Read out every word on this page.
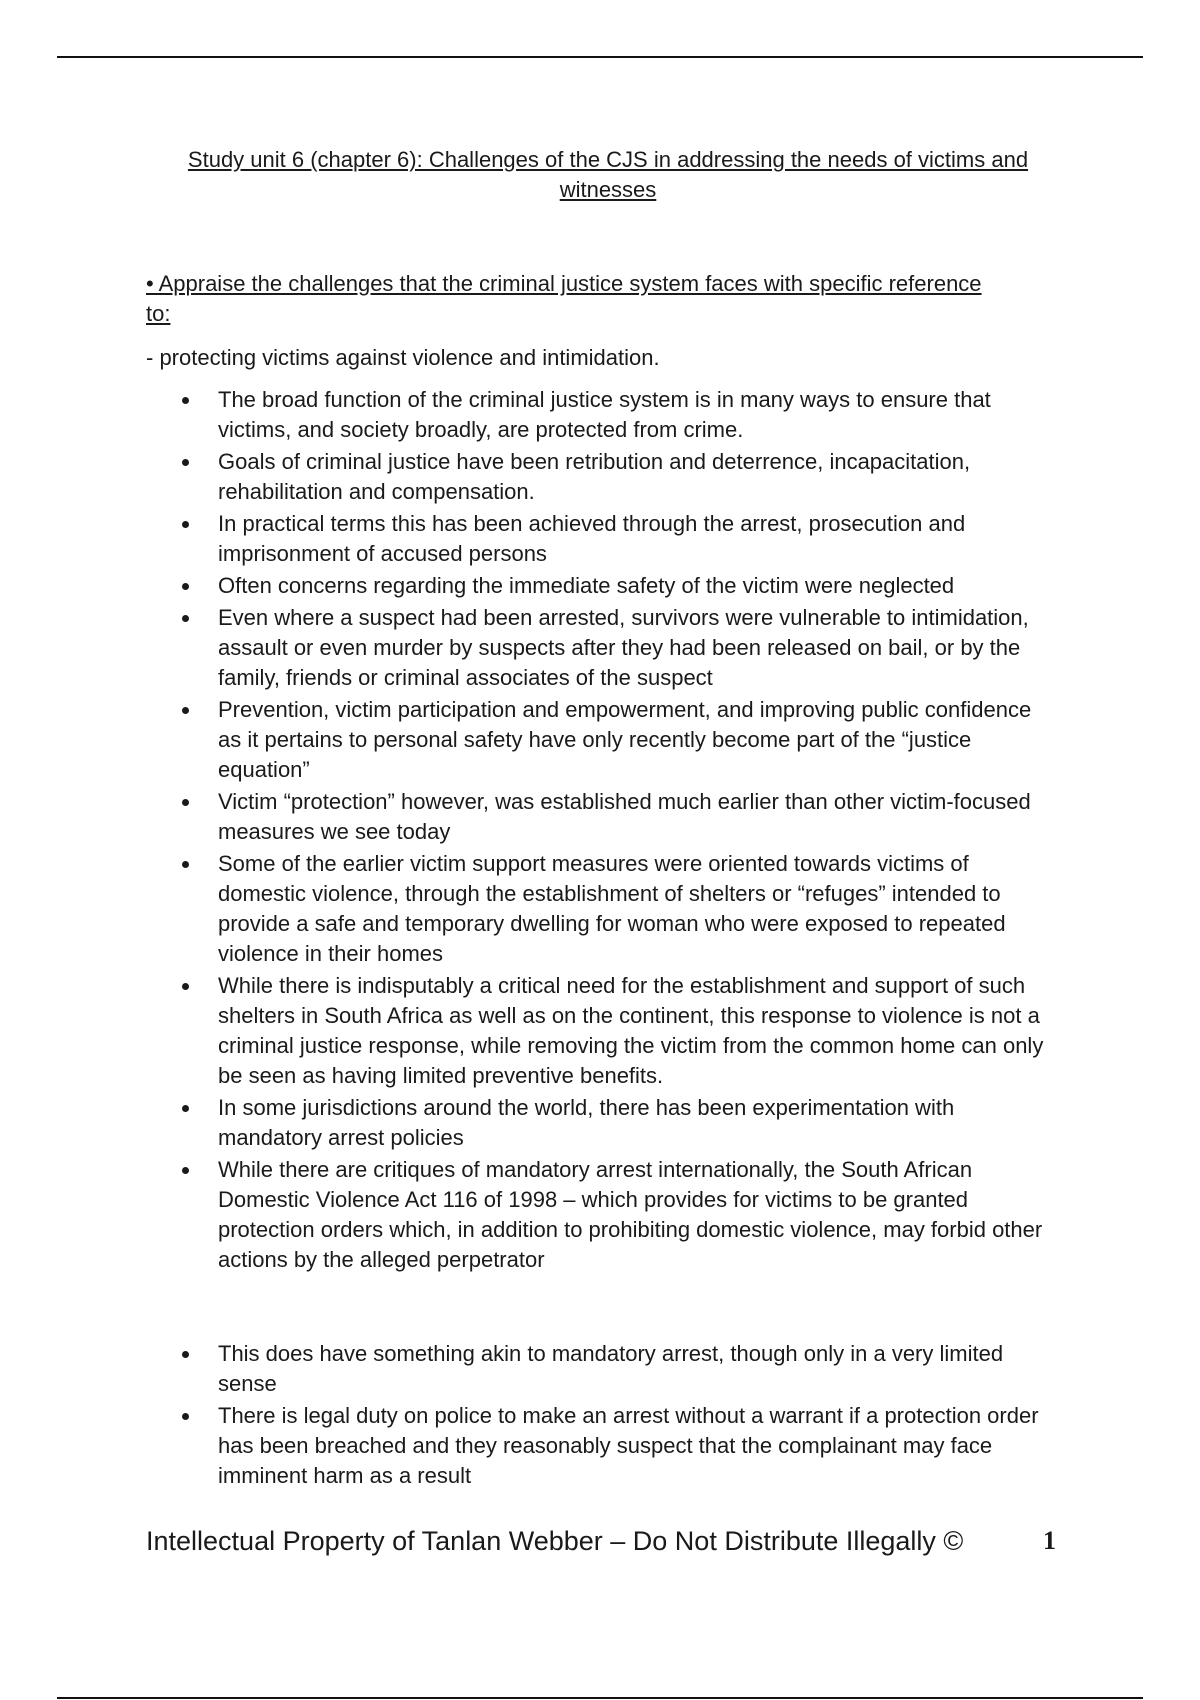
Study unit 6 (chapter 6): Challenges of the CJS in addressing the needs of victims and witnesses
• Appraise the challenges that the criminal justice system faces with specific reference to:
- protecting victims against violence and intimidation.
The broad function of the criminal justice system is in many ways to ensure that victims, and society broadly, are protected from crime.
Goals of criminal justice have been retribution and deterrence, incapacitation, rehabilitation and compensation.
In practical terms this has been achieved through the arrest, prosecution and imprisonment of accused persons
Often concerns regarding the immediate safety of the victim were neglected
Even where a suspect had been arrested, survivors were vulnerable to intimidation, assault or even murder by suspects after they had been released on bail, or by the family, friends or criminal associates of the suspect
Prevention, victim participation and empowerment, and improving public confidence as it pertains to personal safety have only recently become part of the “justice equation”
Victim “protection” however, was established much earlier than other victim-focused measures we see today
Some of the earlier victim support measures were oriented towards victims of domestic violence, through the establishment of shelters or “refuges” intended to provide a safe and temporary dwelling for woman who were exposed to repeated violence in their homes
While there is indisputably a critical need for the establishment and support of such shelters in South Africa as well as on the continent, this response to violence is not a criminal justice response, while removing the victim from the common home can only be seen as having limited preventive benefits.
In some jurisdictions around the world, there has been experimentation with mandatory arrest policies
While there are critiques of mandatory arrest internationally, the South African Domestic Violence Act 116 of 1998 – which provides for victims to be granted protection orders which, in addition to prohibiting domestic violence, may forbid other actions by the alleged perpetrator
This does have something akin to mandatory arrest, though only in a very limited sense
There is legal duty on police to make an arrest without a warrant if a protection order has been breached and they reasonably suspect that the complainant may face imminent harm as a result
Intellectual Property of Tanlan Webber – Do Not Distribute Illegally ©	1
